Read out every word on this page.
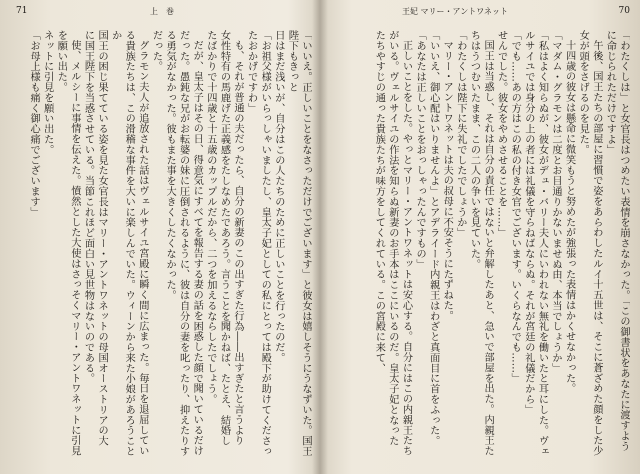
71	上　巻

「いいえ。正しいことをなさっただけでございます」と彼女は嬉しそうにうなずいた。国王陛下もきっと

日はまだ浅いが、自分はこの人たちのために正しいことを行ったのだ。

「お祖父様がいらっしゃいましたし、皇太子妃としての私にとっては殿下が助けてくださっ

たおかげですわ」

も、それが普通の夫だったら、自分の新妻のこの出すぎた行為――出すぎたと言うより

女性特有の馬鹿げた正義感をたしなめたであろう。言うことを聞かねば、たとえ、結婚し

たばかりで十四歳と十五歳のカップルだから、二つを加えるならしたでしょう。

だが、皇太子はその日、得意気にすべてを報告する妻の話を困惑した顔で聞いているだけだった。愚鈍な兄がお転婆の妹に圧倒されるように、彼は自分の妻を叱ったり、抑えたりす

る勇気がなかった。彼もまた事を大きくしたくなかった。

だった。

グラモン夫人が追放された話はヴェルサイユ宮殿に瞬く間に広まった。毎日を退屈している貴族たちは、この滑稽な事件を大いに楽しんでいた。ウィーンから来た小娘があろうことか

国王の困じ果てている姿を見た女官長はマリー・アントワネットの母国オーストリアの大

に国王陛下を当惑させている。当節これほど面白い見世物はないのである。

使、メルシーに事情を伝えた。憤然とした大使はさっそくマリー・アントワネットに引見を願い出た。

ネットに引見を願い出た。

「お母上様も痛く御心痛でございます」

王妃 マリー・アントワネット	70

「わたくしは」と女官長はつめたい表情を崩さなかった。「この御書状をあなたに渡すように命じられただけですよ」

午後、国王たちの部屋に習慣で姿をあらわしたルイ十五世は、そこに蒼ざめた顔をした少女が頭をさげるのを見た。

十四歳の彼女は懸命に微笑もうと努めたが強張った表情はかくせなかった。

「マダム・グラモンは二度とお目通りかないませぬ由、本当でしょうか」

「私はよく知らぬが、彼女がデュ・バリー夫人にいわれない無礼を働いたと耳にした。ヴェルサイユでは身分の上の者には礼儀を守らねばならぬ。それが宮廷の礼儀だから」

「でも……あの方はこの私の付き女官でございます。いくらなんでも……」

せんでした。彼女をやめさせることを……」

国王は当惑し、それは自分の責任ではないと弁解したあと、急いで部屋を出た。内親王たちはうつむいたまま、この二人の争いを見ていた。

「わたくしは陛下に失礼でしたでしょうか」

マリー・アントワネットは夫の叔母に不安そうにたずねた。

「いいえ、御心配はいりませんよ」とアデライード内親王はわざと真面目に首をふった。「あなたは正しいことをおっしゃったんですもの」

正しいことをした。やっとマリー・アントワネットは安心する。自分にはこの内親王たちがいる。ヴェルサイユの作法を知らぬ新妻のお手本はここにいるのだ。皇太子妃となった

たちやすじの通った貴族たちが味方をしてくれている。この宮殿に来て、
